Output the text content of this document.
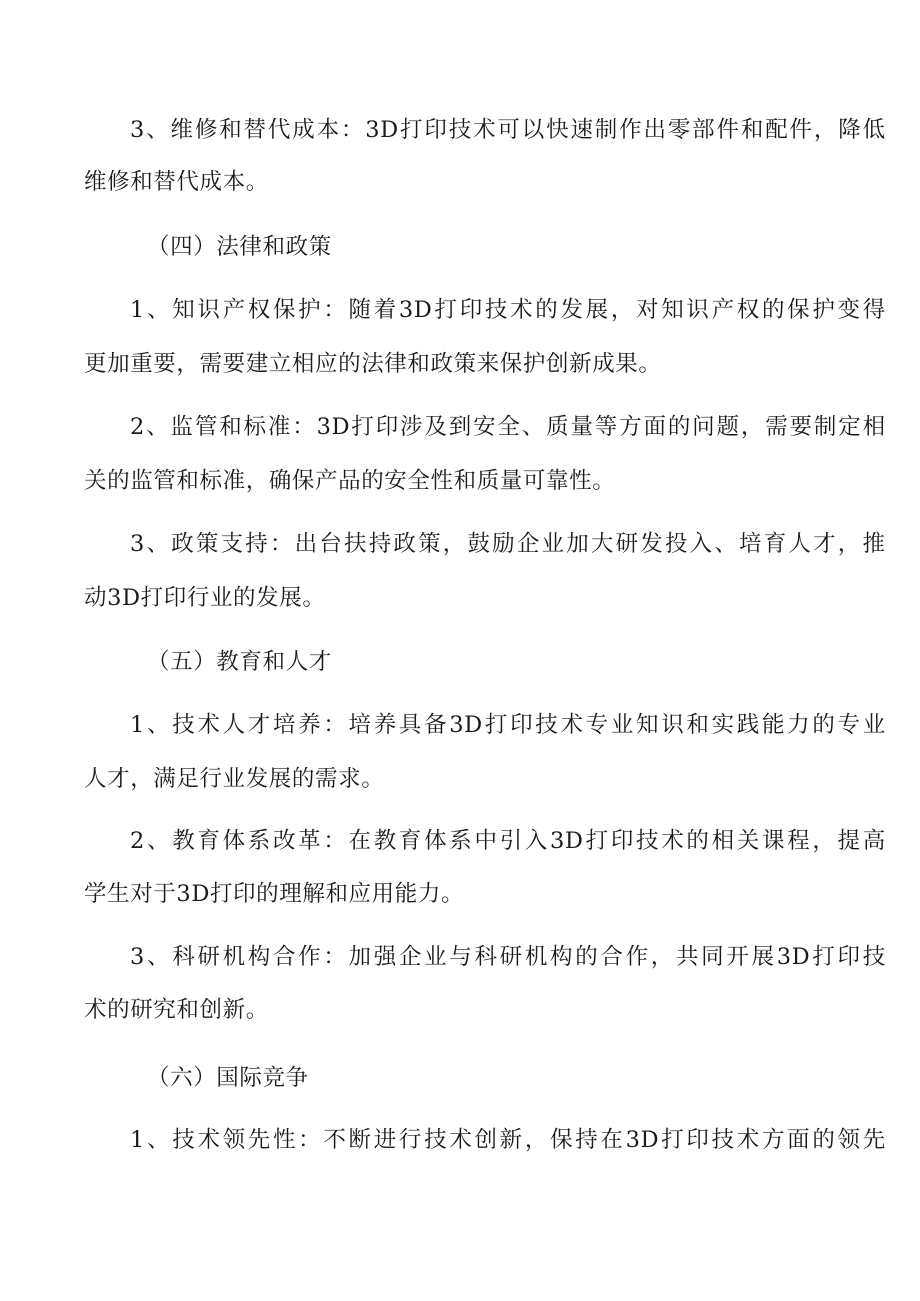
3 、 维 修 和 替 代 成 本 ： 3D 打 印 技 术 可 以 快 速 制 作 出 零 部 件 和 配 件 ， 降 低
维修和替代成本。
（四）法律和政策
1 、 知 识 产 权 保 护 ： 随 着 3D 打 印 技 术 的 发 展 ， 对 知 识 产 权 的 保 护 变 得
更加重要，需要建立相应的法律和政策来保护创新成果。
2 、 监 管 和 标 准 ： 3D 打 印 涉 及 到 安 全 、 质 量 等 方 面 的 问 题 ， 需 要 制 定 相
关的监管和标准，确保产品的安全性和质量可靠性。
3 、 政 策 支 持 ： 出 台 扶 持 政 策 ， 鼓 励 企 业 加 大 研 发 投 入 、 培 育 人 才 ， 推
动3D打印行业的发展。
（五）教育和人才
1 、 技 术 人 才 培 养 ： 培 养 具 备 3D 打 印 技 术 专 业 知 识 和 实 践 能 力 的 专 业
人才，满足行业发展的需求。
2 、 教 育 体 系 改 革 ： 在 教 育 体 系 中 引 入 3D 打 印 技 术 的 相 关 课 程 ， 提 高
学生对于3D打印的理解和应用能力。
3 、 科 研 机 构 合 作 ： 加 强 企 业 与 科 研 机 构 的 合 作 ， 共 同 开 展 3D 打 印 技
术的研究和创新。
（六）国际竞争
1 、 技 术 领 先 性 ： 不 断 进 行 技 术 创 新 ， 保 持 在 3D 打 印 技 术 方 面 的 领 先
